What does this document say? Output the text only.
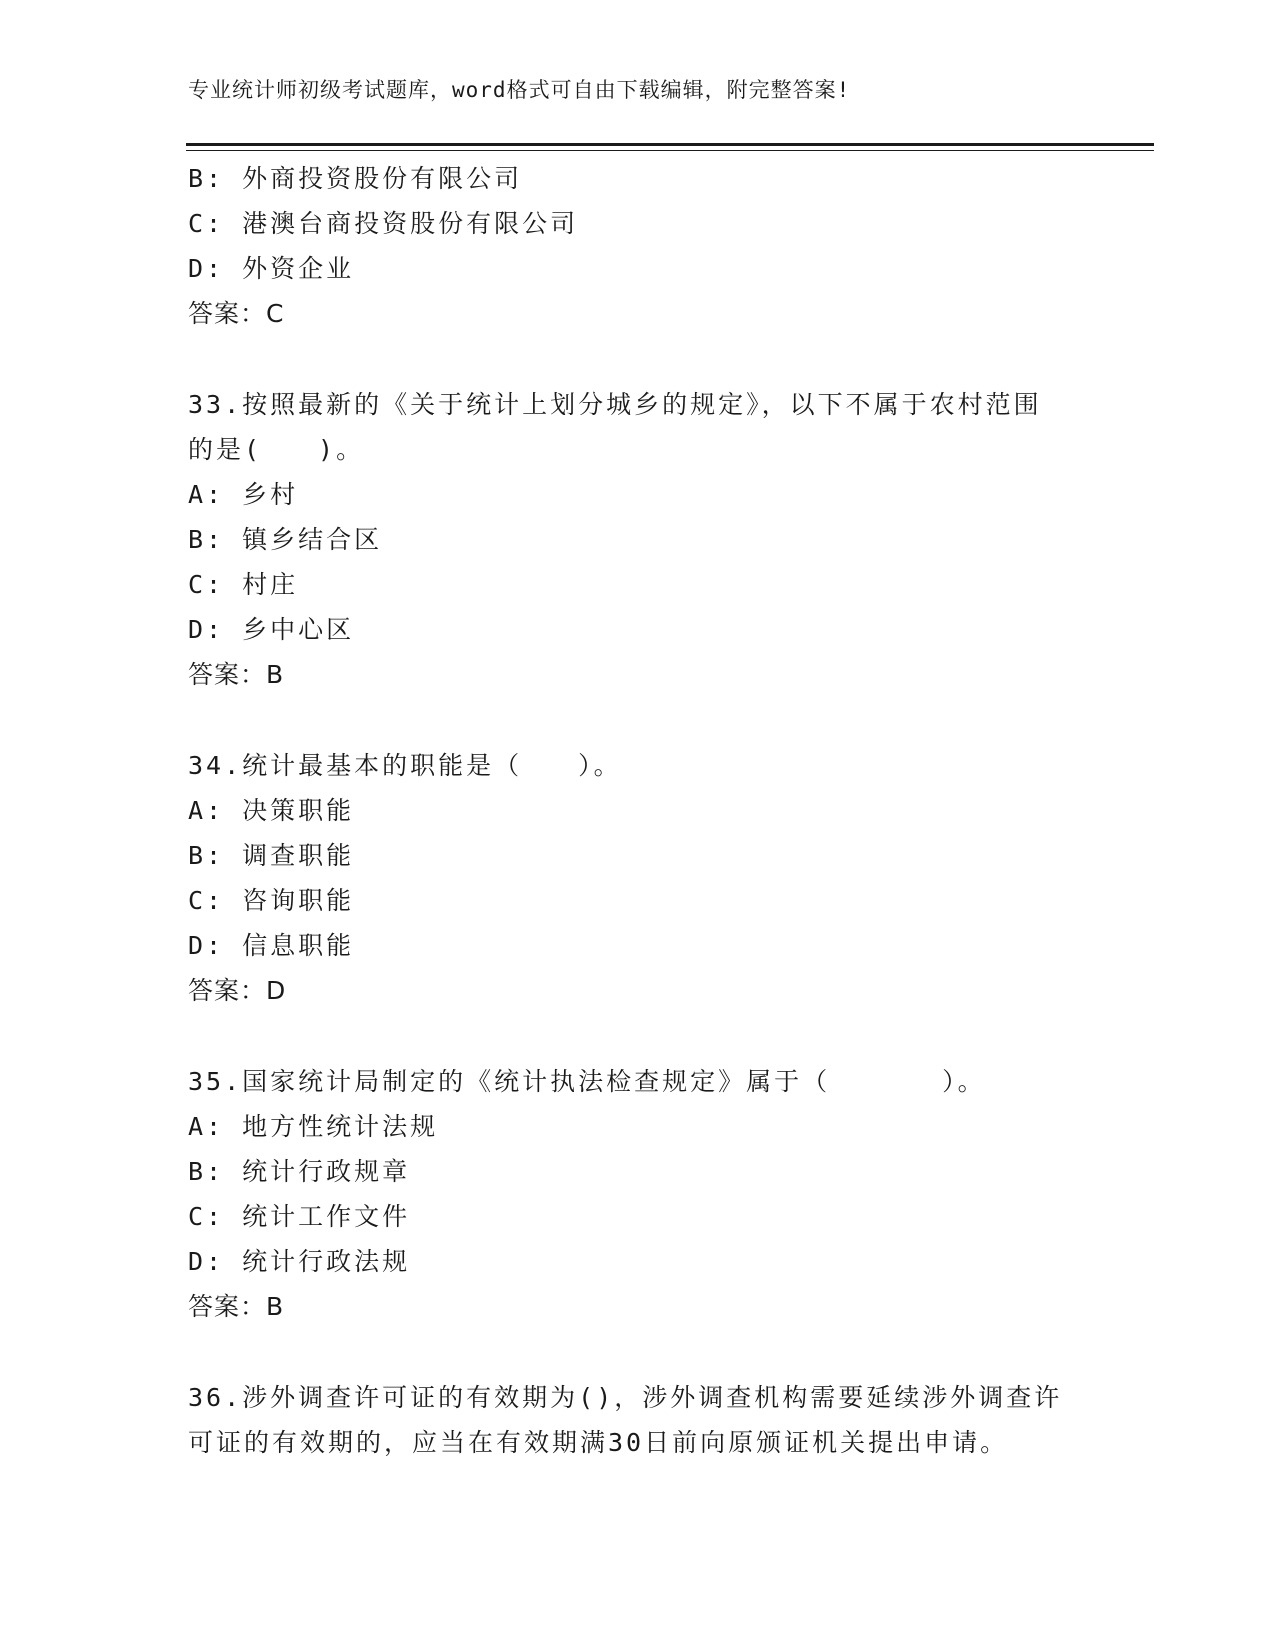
专业统计师初级考试题库，word格式可自由下载编辑，附完整答案!
B: 外商投资股份有限公司
C: 港澳台商投资股份有限公司
D: 外资企业
答案：C
33.按照最新的《关于统计上划分城乡的规定》，以下不属于农村范围
的是(　　)。
A: 乡村
B: 镇乡结合区
C: 村庄
D: 乡中心区
答案：B
34.统计最基本的职能是（　　）。
A: 决策职能
B: 调查职能
C: 咨询职能
D: 信息职能
答案：D
35.国家统计局制定的《统计执法检查规定》属于（　　　　）。
A: 地方性统计法规
B: 统计行政规章
C: 统计工作文件
D: 统计行政法规
答案：B
36.涉外调查许可证的有效期为()，涉外调查机构需要延续涉外调查许
可证的有效期的，应当在有效期满30日前向原颁证机关提出申请。
